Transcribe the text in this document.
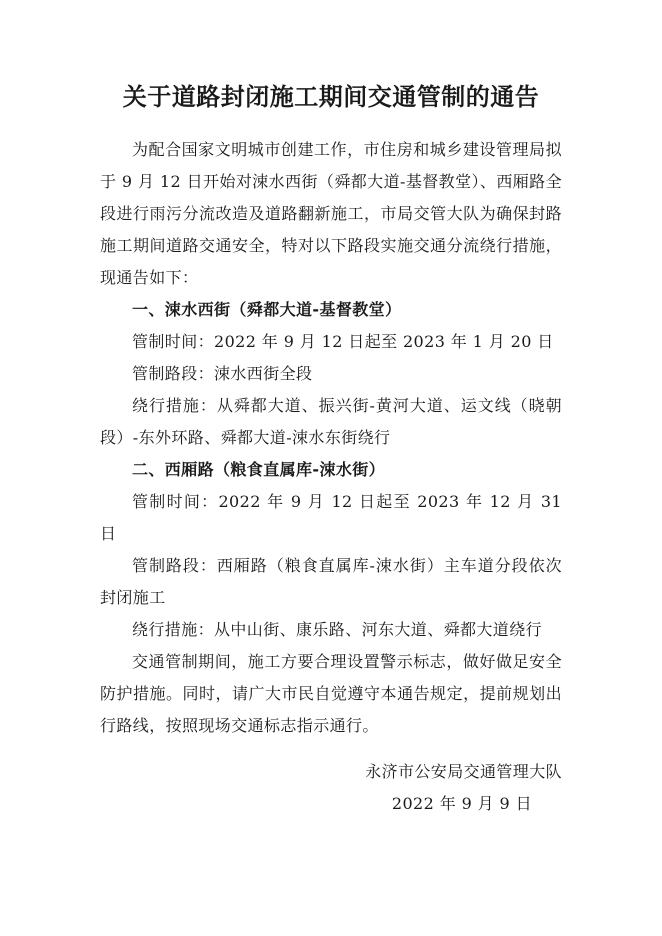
关于道路封闭施工期间交通管制的通告

为配合国家文明城市创建工作，市住房和城乡建设管理局拟于 9 月 12 日开始对涑水西街（舜都大道-基督教堂）、西厢路全段进行雨污分流改造及道路翻新施工，市局交管大队为确保封路施工期间道路交通安全，特对以下路段实施交通分流绕行措施，现通告如下：

一、涑水西街（舜都大道-基督教堂）

管制时间：2022 年 9 月 12 日起至 2023 年 1 月 20 日

管制路段：涑水西街全段

绕行措施：从舜都大道、振兴街-黄河大道、运文线（晓朝段）-东外环路、舜都大道-涑水东街绕行

二、西厢路（粮食直属库-涑水街）

管制时间：2022 年 9 月 12 日起至 2023 年 12 月 31 日

管制路段：西厢路（粮食直属库-涑水街）主车道分段依次封闭施工

绕行措施：从中山街、康乐路、河东大道、舜都大道绕行

交通管制期间，施工方要合理设置警示标志，做好做足安全防护措施。同时，请广大市民自觉遵守本通告规定，提前规划出行路线，按照现场交通标志指示通行。

永济市公安局交通管理大队
2022 年 9 月 9 日
